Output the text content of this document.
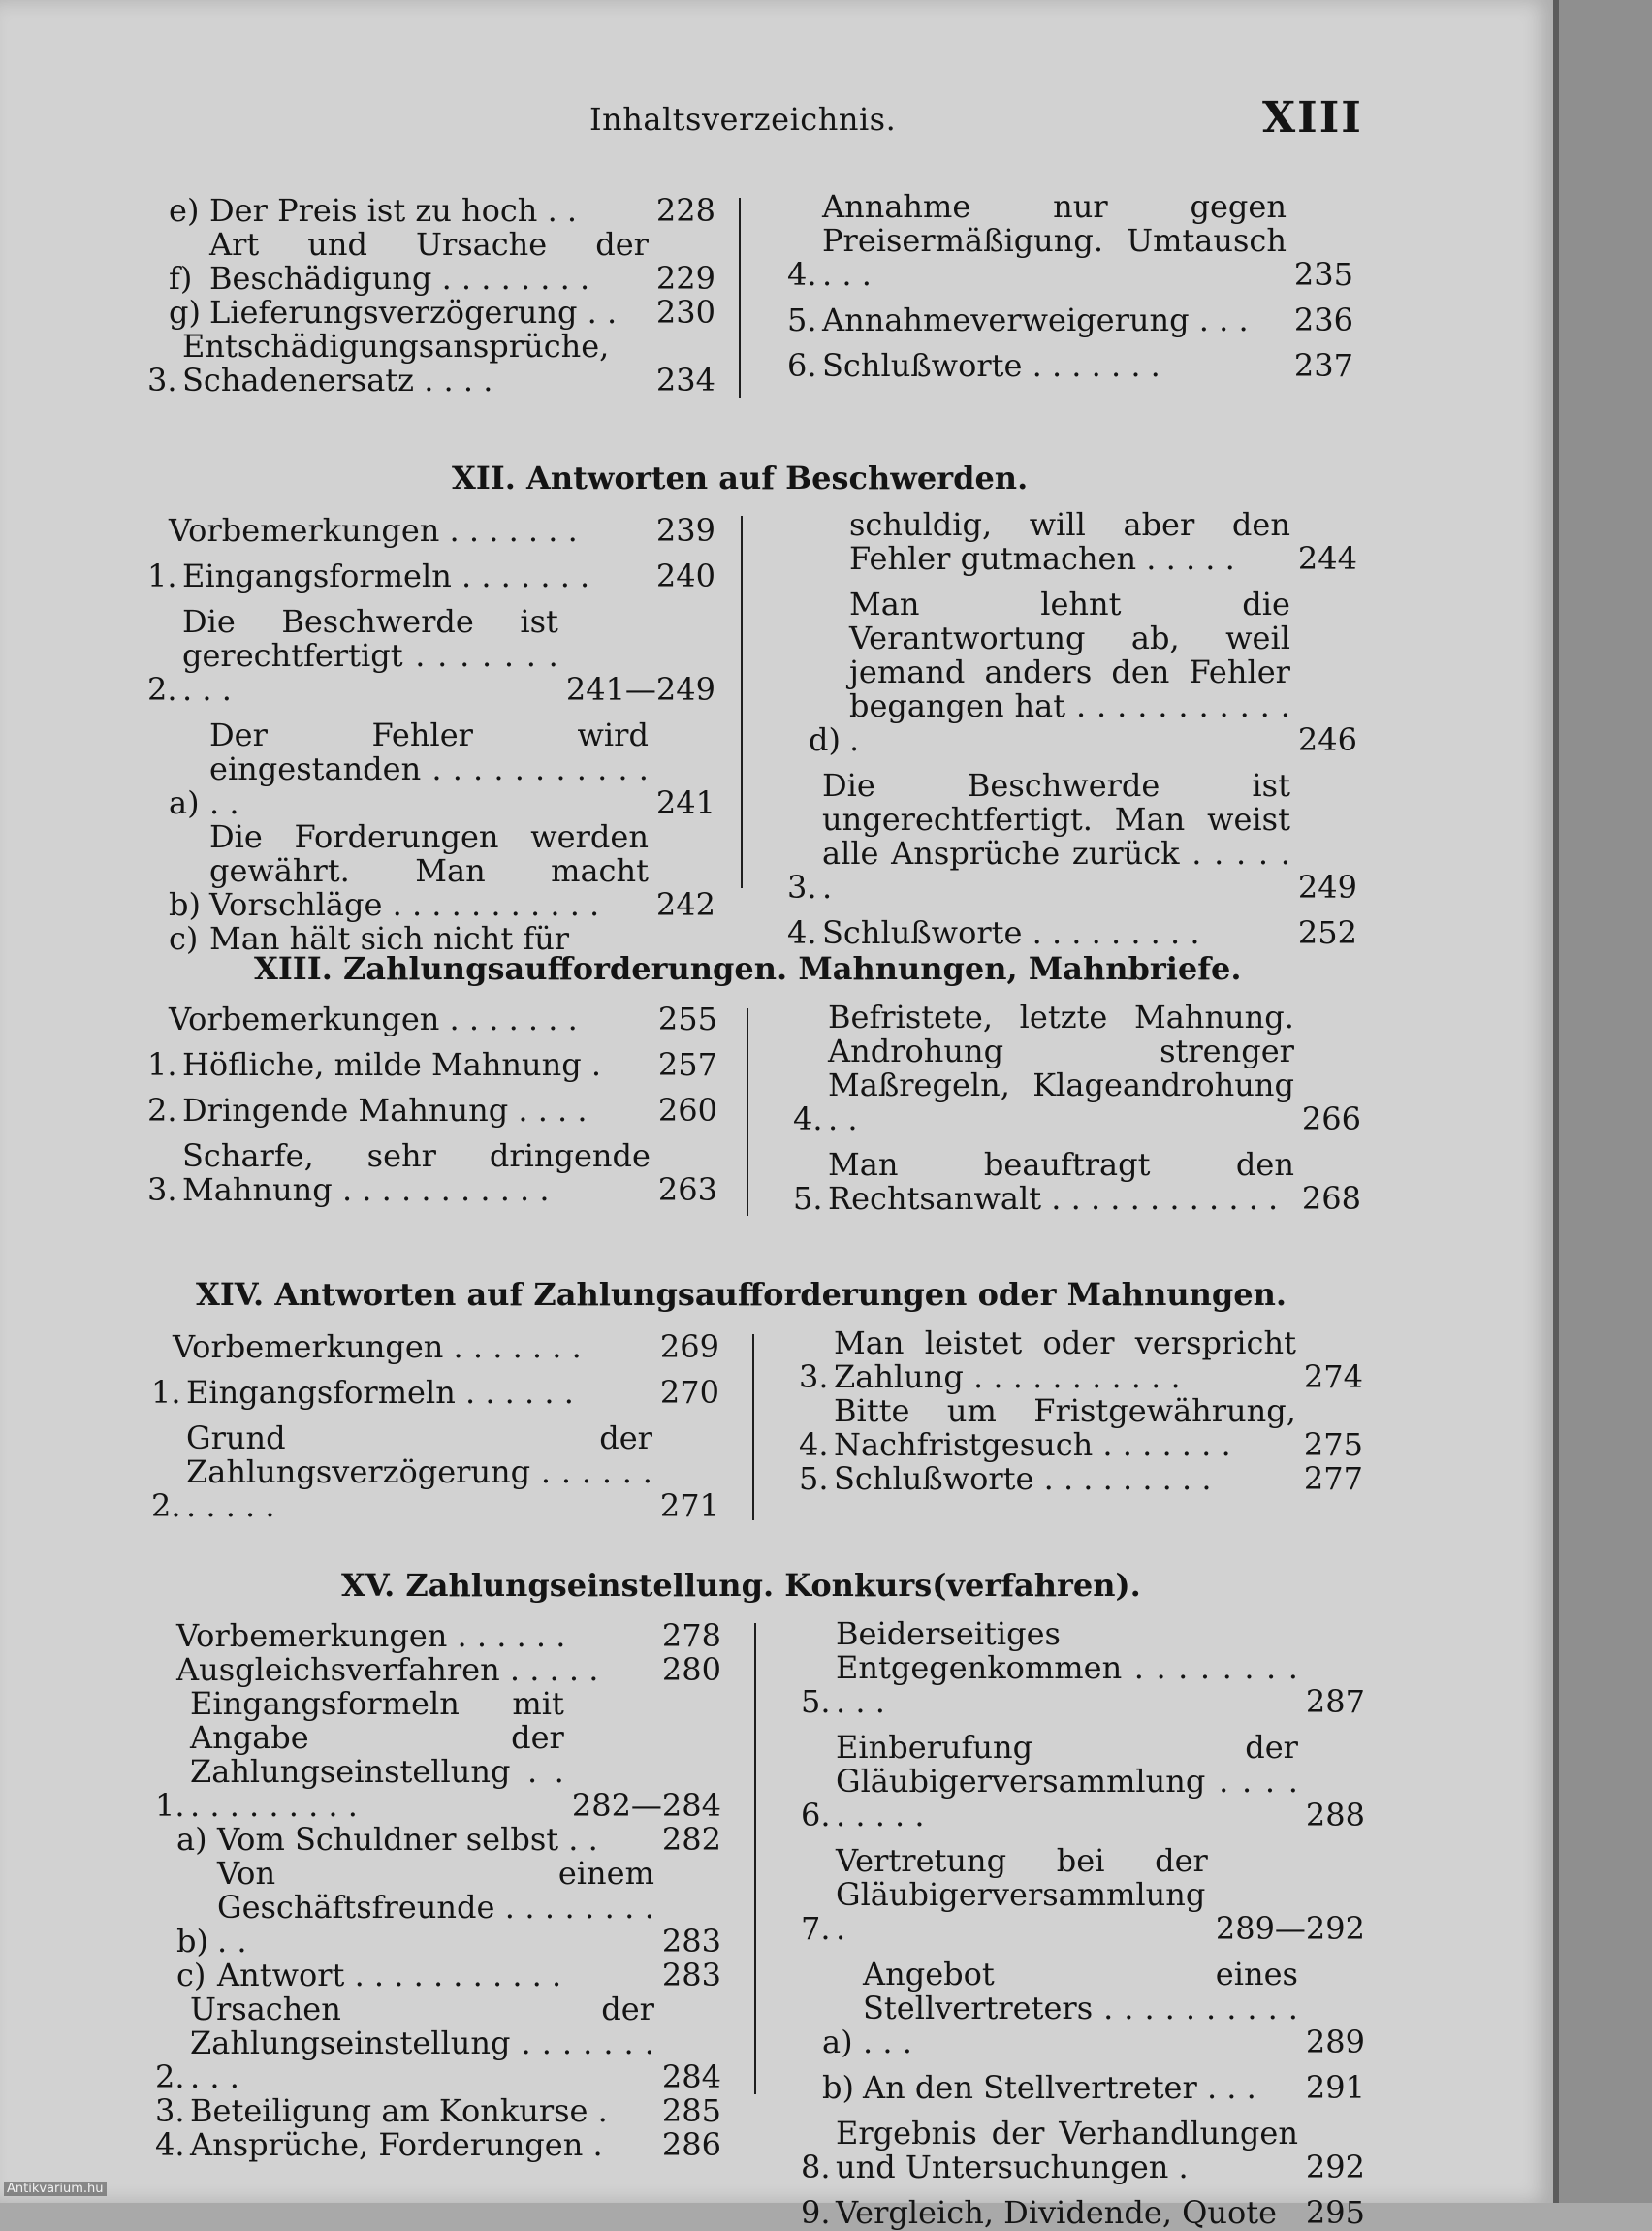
Inhaltsverzeichnis.	XIII
e) Der Preis ist zu hoch . .	228
f)
Art und Ursache der Beschädigung . . . . . . . .	229
g) Lieferungsverzögerung . .	230
3.
Entschädigungsansprüche, Schadenersatz . . . .	234
4.
Annahme nur gegen Preisermäßigung. Umtausch . . .	235
5. Annahmeverweigerung . . .	236
6. Schlußworte . . . . . . .	237
XII. Antworten auf Beschwerden.
Vorbemerkungen . . . . . . .	239
1. Eingangsformeln . . . . . . .	240
2.
Die Beschwerde ist gerechtfertigt . . . . . . . . . .	241—249
a)
Der Fehler wird eingestanden . . . . . . . . . . . . .	241
b)
Die Forderungen werden gewährt. Man macht Vorschläge . . . . . . . . . . .	242
c) Man hält sich nicht für
schuldig, will aber den Fehler gutmachen . . . . .	244
d)
Man lehnt die Verantwortung ab, weil jemand anders den Fehler begangen hat . . . . . . . . . . . .	246
3.
Die Beschwerde ist ungerechtfertigt. Man weist alle Ansprüche zurück . . . . . .	249
4. Schlußworte . . . . . . . . .	252
XIII. Zahlungsaufforderungen. Mahnungen, Mahnbriefe.
Vorbemerkungen . . . . . . .	255
1. Höfliche, milde Mahnung .	257
2. Dringende Mahnung . . . .	260
3.
Scharfe, sehr dringende Mahnung . . . . . . . . . . .	263
4.
Befristete, letzte Mahnung. Androhung strenger Maßregeln, Klageandrohung . .	266
5.
Man beauftragt den Rechtsanwalt . . . . . . . . . . . . 268
XIV. Antworten auf Zahlungsaufforderungen oder Mahnungen.
Vorbemerkungen . . . . . . .	269
1. Eingangsformeln . . . . . .	270
2.
Grund der Zahlungsverzögerung . . . . . . . . . . .	271
3.
Man leistet oder verspricht Zahlung . . . . . . . . . . .	274
4.
Bitte um Fristgewährung, Nachfristgesuch . . . . . . .	275
5. Schlußworte . . . . . . . . .	277
XV. Zahlungseinstellung. Konkurs(verfahren).
Vorbemerkungen . . . . . .	278
Ausgleichsverfahren . . . . .	280
1.
Eingangsformeln mit Angabe der Zahlungseinstellung . . . . . . . . . . .	282—284
a) Vom Schuldner selbst . .	282
b)
Von einem Geschäftsfreunde . . . . . . . . . .	283
c) Antwort . . . . . . . . . . .	283
2.
Ursachen der Zahlungseinstellung . . . . . . . . . .	284
3. Beteiligung am Konkurse .	285
4. Ansprüche, Forderungen .	286
5.
Beiderseitiges Entgegenkommen . . . . . . . . . . .	287
6.
Einberufung der Gläubigerversammlung . . . . . . . . .	288
7.
Vertretung bei der Gläubigerversammlung .	289—292
a)
Angebot eines Stellvertreters . . . . . . . . . . . . .	289
b) An den Stellvertreter . . .	291
8.
Ergebnis der Verhandlungen und Untersuchungen .	292
9. Vergleich, Dividende, Quote 295
Antikvarium.hu
